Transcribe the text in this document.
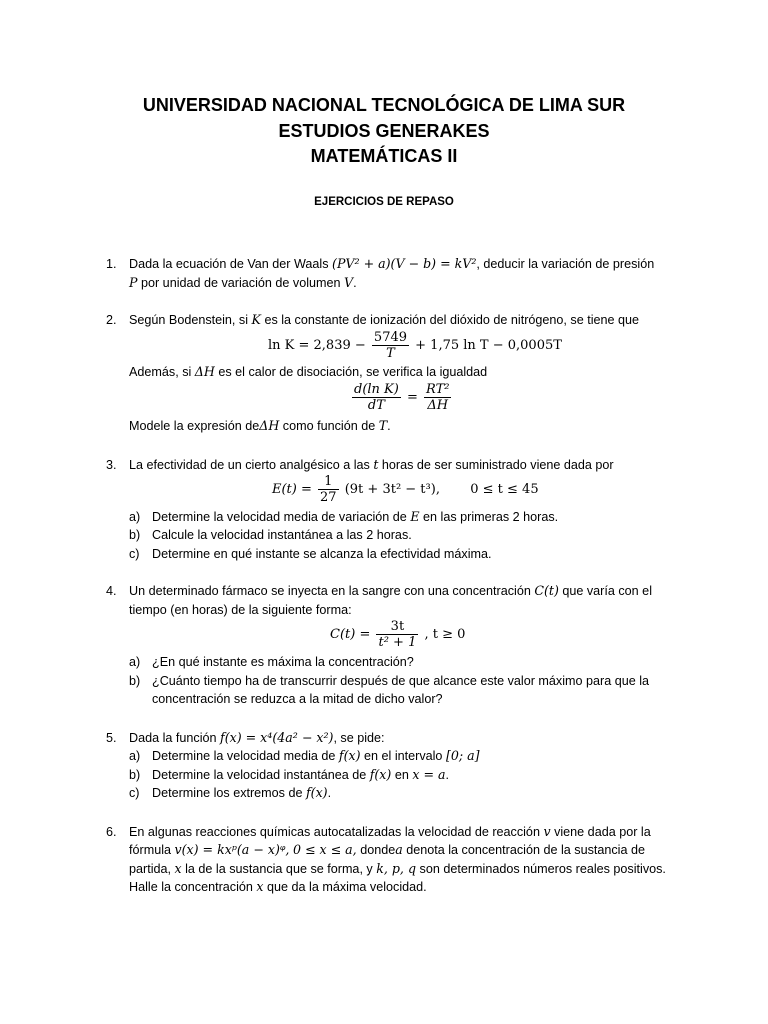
UNIVERSIDAD NACIONAL TECNOLÓGICA DE LIMA SUR
ESTUDIOS GENERAKES
MATEMÁTICAS II
EJERCICIOS DE REPASO
1. Dada la ecuación de Van der Waals (PV² + a)(V − b) = kV², deducir la variación de presión
P por unidad de variación de volumen V.
2. Según Bodenstein, si K es la constante de ionización del dióxido de nitrógeno, se tiene que
$\ln K = 2,839 - \frac{5749}{T} + 1,75$ ln T − 0,0005T
Además, si ΔH es el calor de disociación, se verifica la igualdad
$\frac{\text{d(ln K)}}{dT} = \frac{\text{RT²}}{\Delta H}$
Modele la expresión deΔH como función de T.
3. La efectividad de un cierto analgésico a las t horas de ser suministrado viene dada por
$E(t) = \frac{1}{27} (9t + 3t^2 - t^3)$, 0 ≤ t ≤ 45
a) Determine la velocidad media de variación de E en las primeras 2 horas.
b) Calcule la velocidad instantánea a las 2 horas.
c) Determine en qué instante se alcanza la efectividad máxima.
4. Un determinado fármaco se inyecta en la sangre con una concentración C(t) que varía con el
tiempo (en horas) de la siguiente forma:
$C(t) = \frac{3t}{\text{t² + 1}}$ , t ≥ 0
a) ¿En qué instante es máxima la concentración?
b) ¿Cuánto tiempo ha de transcurrir después de que alcance este valor máximo para que la
concentración se reduzca a la mitad de dicho valor?
5. Dada la función f(x) = x⁴(4a² − x²), se pide:
a) Determine la velocidad media de f(x) en el intervalo [0; a]
b) Determine la velocidad instantánea de f(x) en x = a.
c) Determine los extremos de f(x).
6. En algunas reacciones químicas autocatalizadas la velocidad de reacción v viene dada por la
fórmula v(x) = kxᵖ(a − x)ᵠ, 0 ≤ x ≤ a, dondea denota la concentración de la sustancia de
partida, x la de la sustancia que se forma, y k, p, q son determinados números reales positivos.
Halle la concentración x que da la máxima velocidad.
